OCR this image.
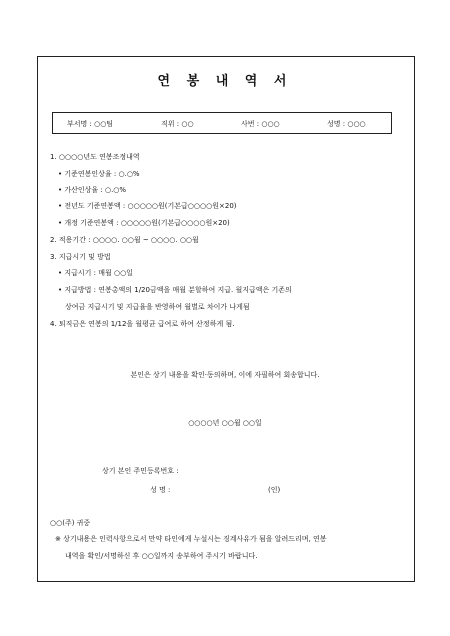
연 봉 내 역 서
부서명 : ○○팀	직위 : ○○	사번 : ○○○	성명 : ○○○
1. ○○○○년도 연봉조정내역
• 기준연봉인상율 : ○.○%
• 가산인상율 : ○.○%
• 전년도 기준연봉액 : ○○○○○원(기본급○○○○원×20)
• 개정 기준연봉액 : ○○○○○원(기본급○○○○원×20)
2. 적용기간 : ○○○○. ○○월 ~ ○○○○. ○○월
3. 지급시기 및 방법
• 지급시기 : 매월 ○○일
• 지급방법 : 연봉총액의 1/20금액을 매월 분할하여 지급. 월지급액은 기존의
상여금 지급시기 및 지급율을 반영하여 월별로 차이가 나게됨
4. 퇴직금은 연봉의 1/12을 월평균 급여로 하여 산정하게 됨.
본인은 상기 내용을 확인·동의하며, 이에 자필하여 회송합니다.
○○○○년 ○○월 ○○일
상기 본인 주민등록번호 :
성 명 :	(인)
○○(주) 귀중
※ 상기내용은 인력사항으로서 만약 타인에게 누설시는 징계사유가 됨을 알려드리며, 연봉
내역을 확인/서명하신 후 ○○일까지 송부하여 주시기 바랍니다.
